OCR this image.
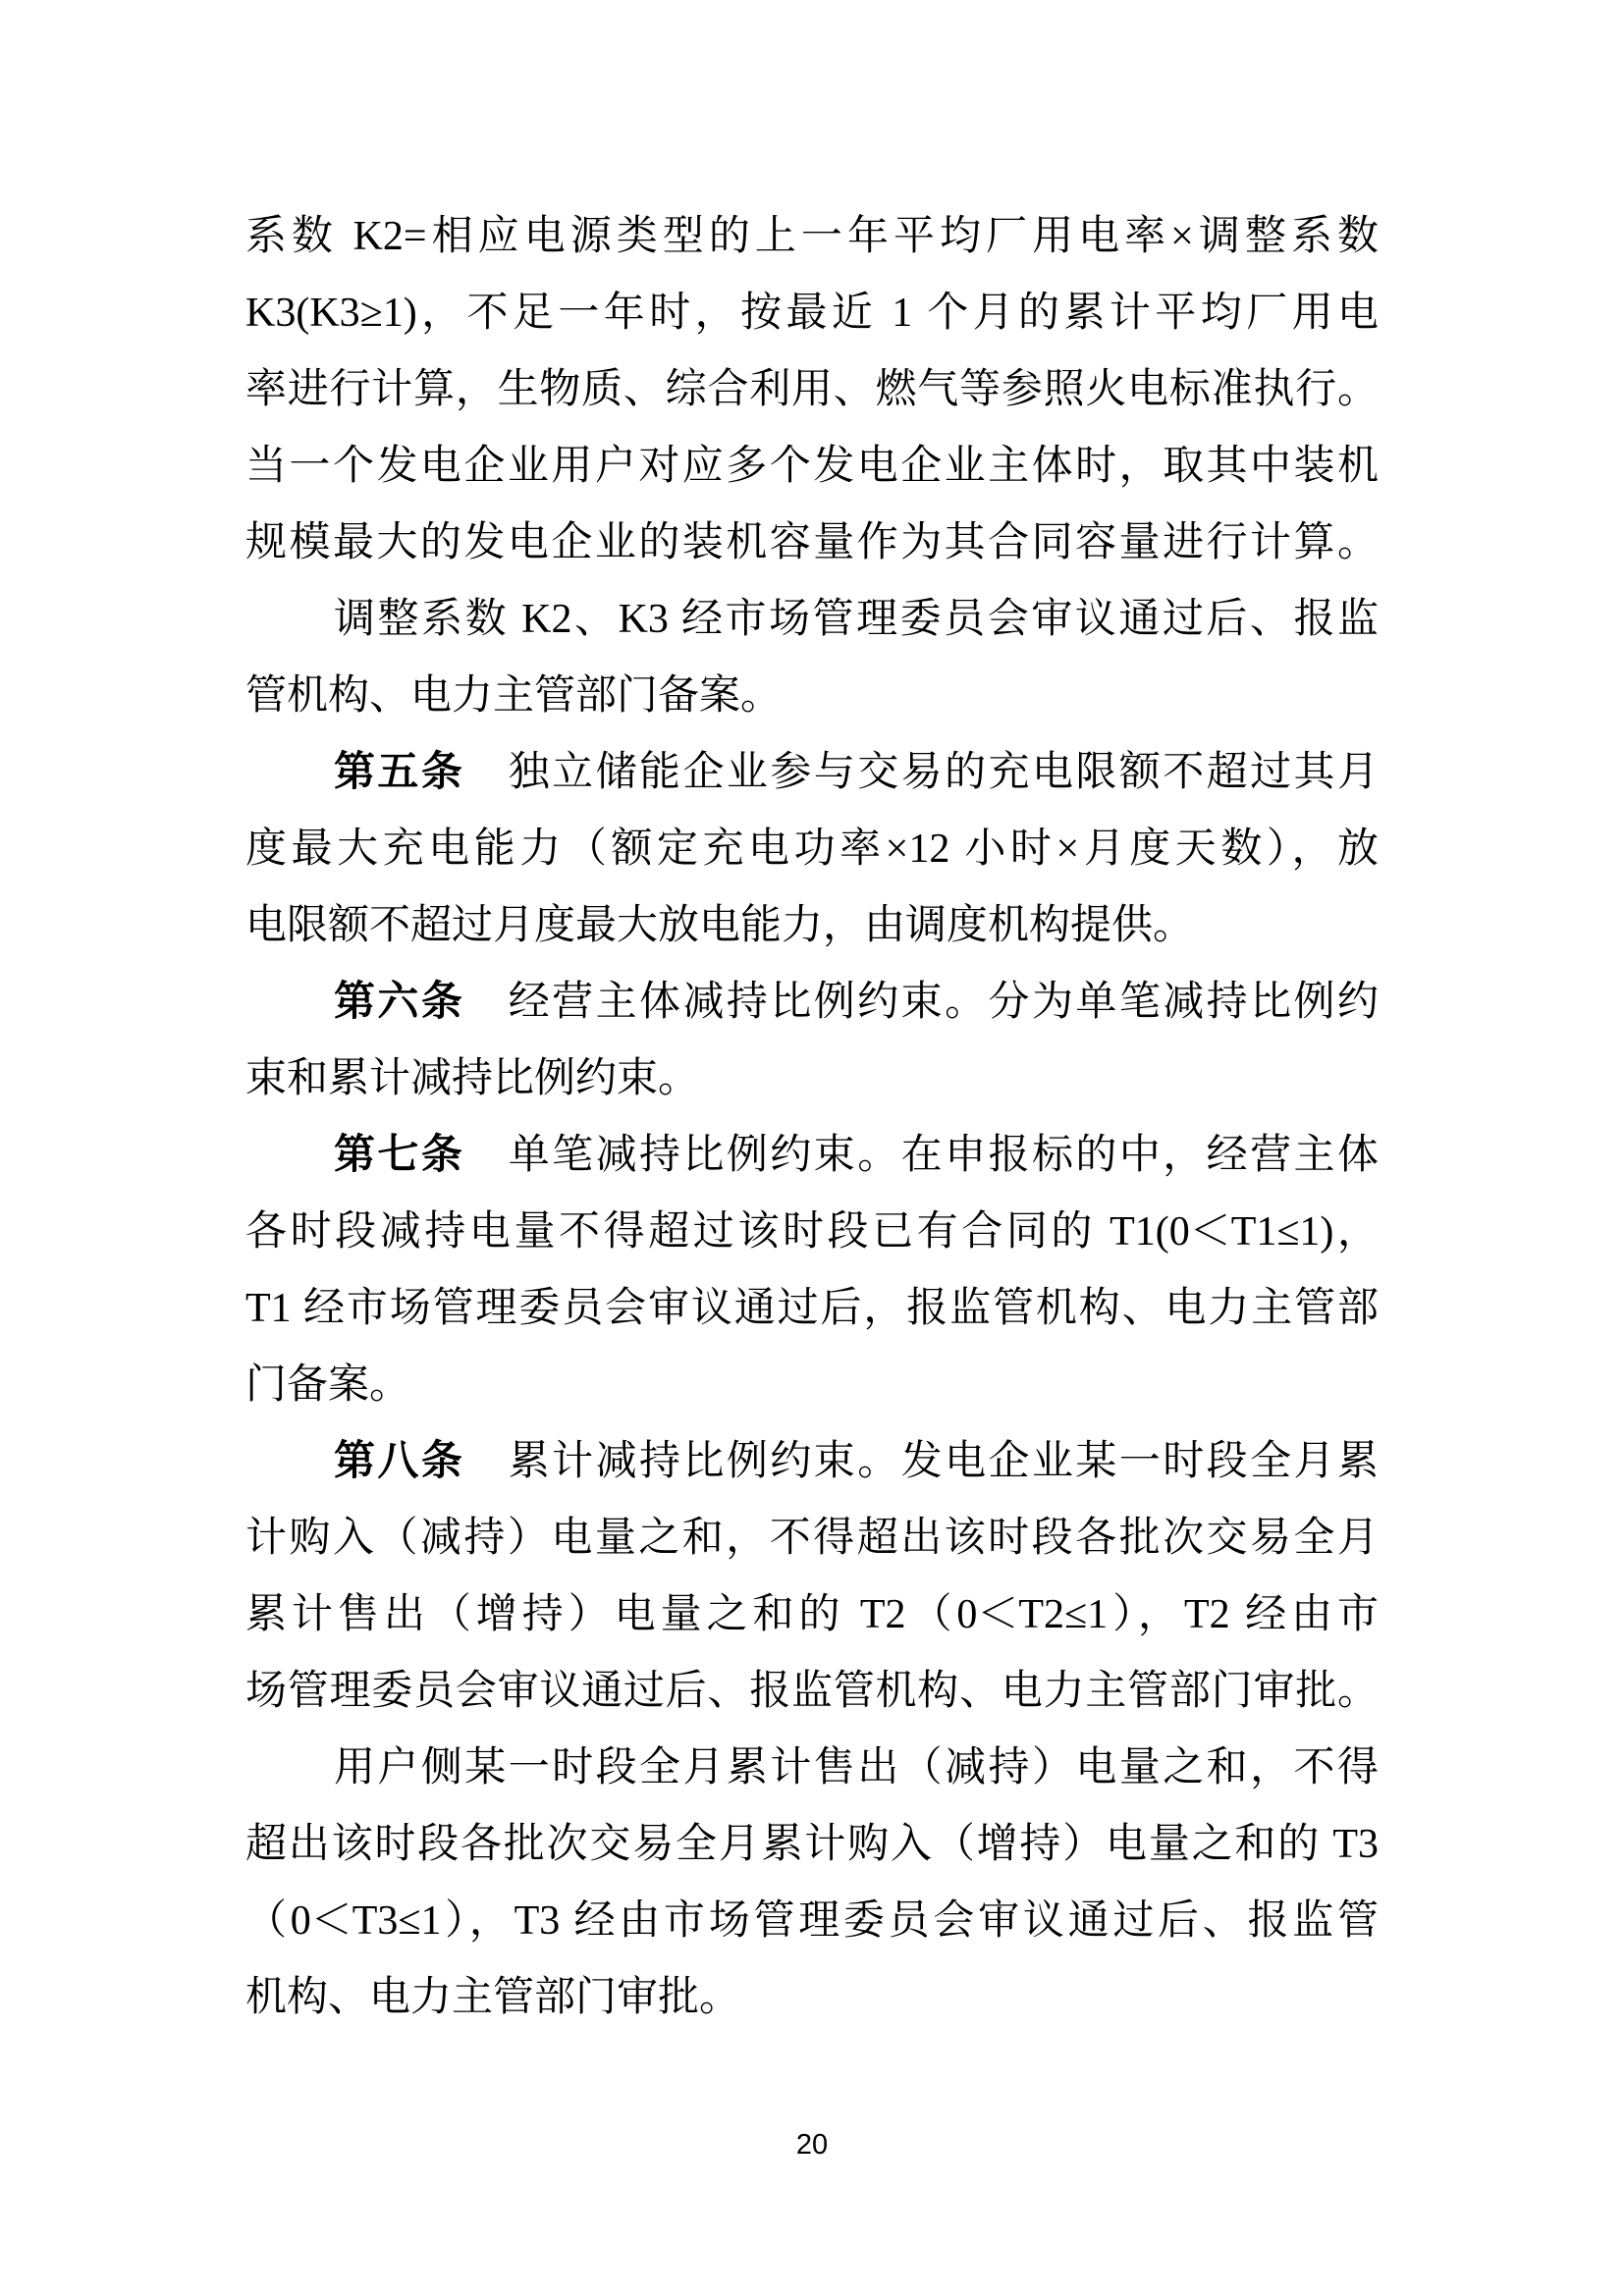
系数 K2=相应电源类型的上一年平均厂用电率×调整系数
K3(K3≥1)，不足一年时，按最近 1 个月的累计平均厂用电
率进行计算，生物质、综合利用、燃气等参照火电标准执行。
当一个发电企业用户对应多个发电企业主体时，取其中装机
规模最大的发电企业的装机容量作为其合同容量进行计算。
调整系数 K2、K3 经市场管理委员会审议通过后、报监
管机构、电力主管部门备案。
第五条　独立储能企业参与交易的充电限额不超过其月
度最大充电能力（额定充电功率×12 小时×月度天数），放
电限额不超过月度最大放电能力，由调度机构提供。
第六条　经营主体减持比例约束。分为单笔减持比例约
束和累计减持比例约束。
第七条　单笔减持比例约束。在申报标的中，经营主体
各时段减持电量不得超过该时段已有合同的 T1(0＜T1≤1)，
T1 经市场管理委员会审议通过后，报监管机构、电力主管部
门备案。
第八条　累计减持比例约束。发电企业某一时段全月累
计购入（减持）电量之和，不得超出该时段各批次交易全月
累计售出（增持）电量之和的 T2（0＜T2≤1），T2 经由市
场管理委员会审议通过后、报监管机构、电力主管部门审批。
用户侧某一时段全月累计售出（减持）电量之和，不得
超出该时段各批次交易全月累计购入（增持）电量之和的 T3
（0＜T3≤1），T3 经由市场管理委员会审议通过后、报监管
机构、电力主管部门审批。
20
